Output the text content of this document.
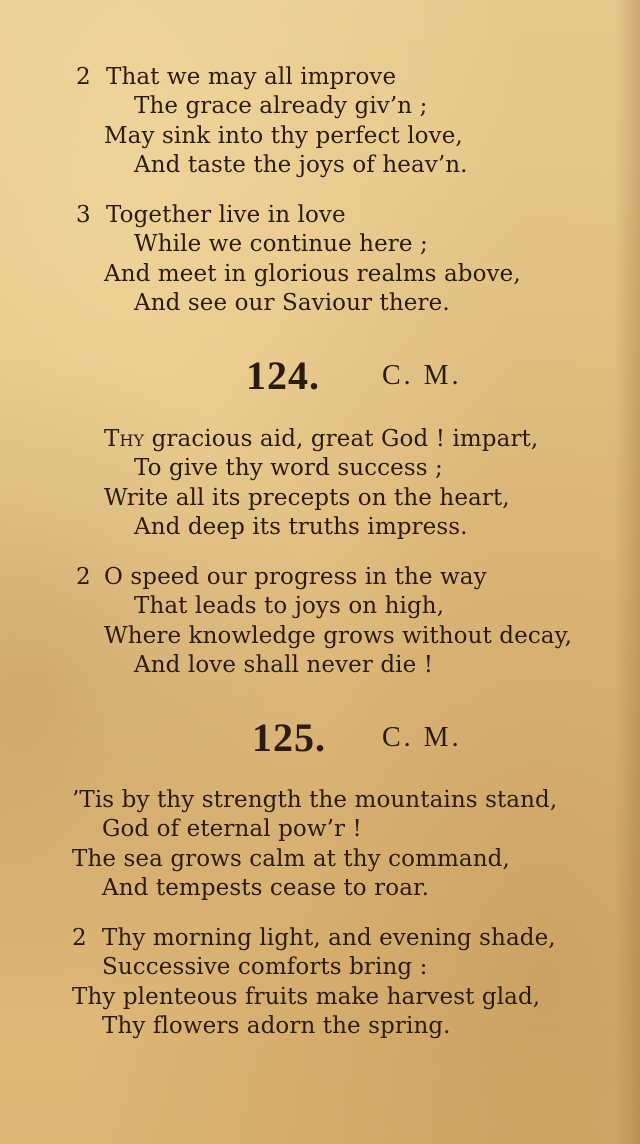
2 That we may all improve
The grace already giv’n ;
May sink into thy perfect love,
And taste the joys of heav’n.
3 Together live in love
While we continue here ;
And meet in glorious realms above,
And see our Saviour there.
124. C. M.
Thy gracious aid, great God ! impart,
To give thy word success ;
Write all its precepts on the heart,
And deep its truths impress.
2 O speed our progress in the way
That leads to joys on high,
Where knowledge grows without decay,
And love shall never die !
125. C. M.
’Tis by thy strength the mountains stand,
God of eternal pow’r !
The sea grows calm at thy command,
And tempests cease to roar.
2 Thy morning light, and evening shade,
Successive comforts bring :
Thy plenteous fruits make harvest glad,
Thy flowers adorn the spring.
